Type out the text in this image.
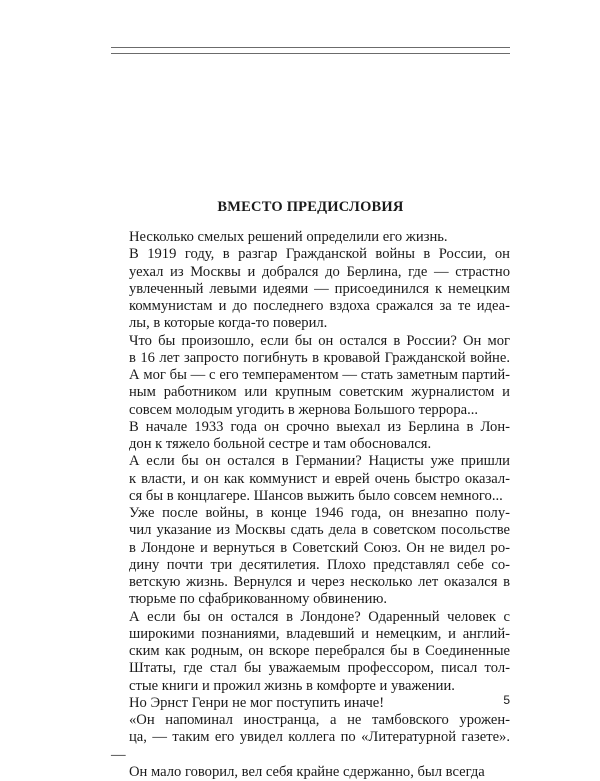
ВМЕСТО ПРЕДИСЛОВИЯ

Несколько смелых решений определили его жизнь.

В 1919 году, в разгар Гражданской войны в России, он
уехал из Москвы и добрался до Берлина, где — страстно
увлеченный левыми идеями — присоединился к немецким
коммунистам и до последнего вздоха сражался за те идеа-
лы, в которые когда-то поверил.

Что бы произошло, если бы он остался в России? Он мог
в 16 лет запросто погибнуть в кровавой Гражданской войне.
А мог бы — с его темпераментом — стать заметным партий-
ным работником или крупным советским журналистом и
совсем молодым угодить в жернова Большого террора...

В начале 1933 года он срочно выехал из Берлина в Лон-
дон к тяжело больной сестре и там обосновался.

А если бы он остался в Германии? Нацисты уже пришли
к власти, и он как коммунист и еврей очень быстро оказал-
ся бы в концлагере. Шансов выжить было совсем немного...

Уже после войны, в конце 1946 года, он внезапно полу-
чил указание из Москвы сдать дела в советском посольстве
в Лондоне и вернуться в Советский Союз. Он не видел ро-
дину почти три десятилетия. Плохо представлял себе со-
ветскую жизнь. Вернулся и через несколько лет оказался в
тюрьме по сфабрикованному обвинению.

А если бы он остался в Лондоне? Одаренный человек с
широкими познаниями, владевший и немецким, и англий-
ским как родным, он вскоре перебрался бы в Соединенные
Штаты, где стал бы уважаемым профессором, писал тол-
стые книги и прожил жизнь в комфорте и уважении.

Но Эрнст Генри не мог поступить иначе!

«Он напоминал иностранца, а не тамбовского урожен-
ца, — таким его увидел коллега по «Литературной газете». —
Он мало говорил, вел себя крайне сдержанно, был всегда

5
